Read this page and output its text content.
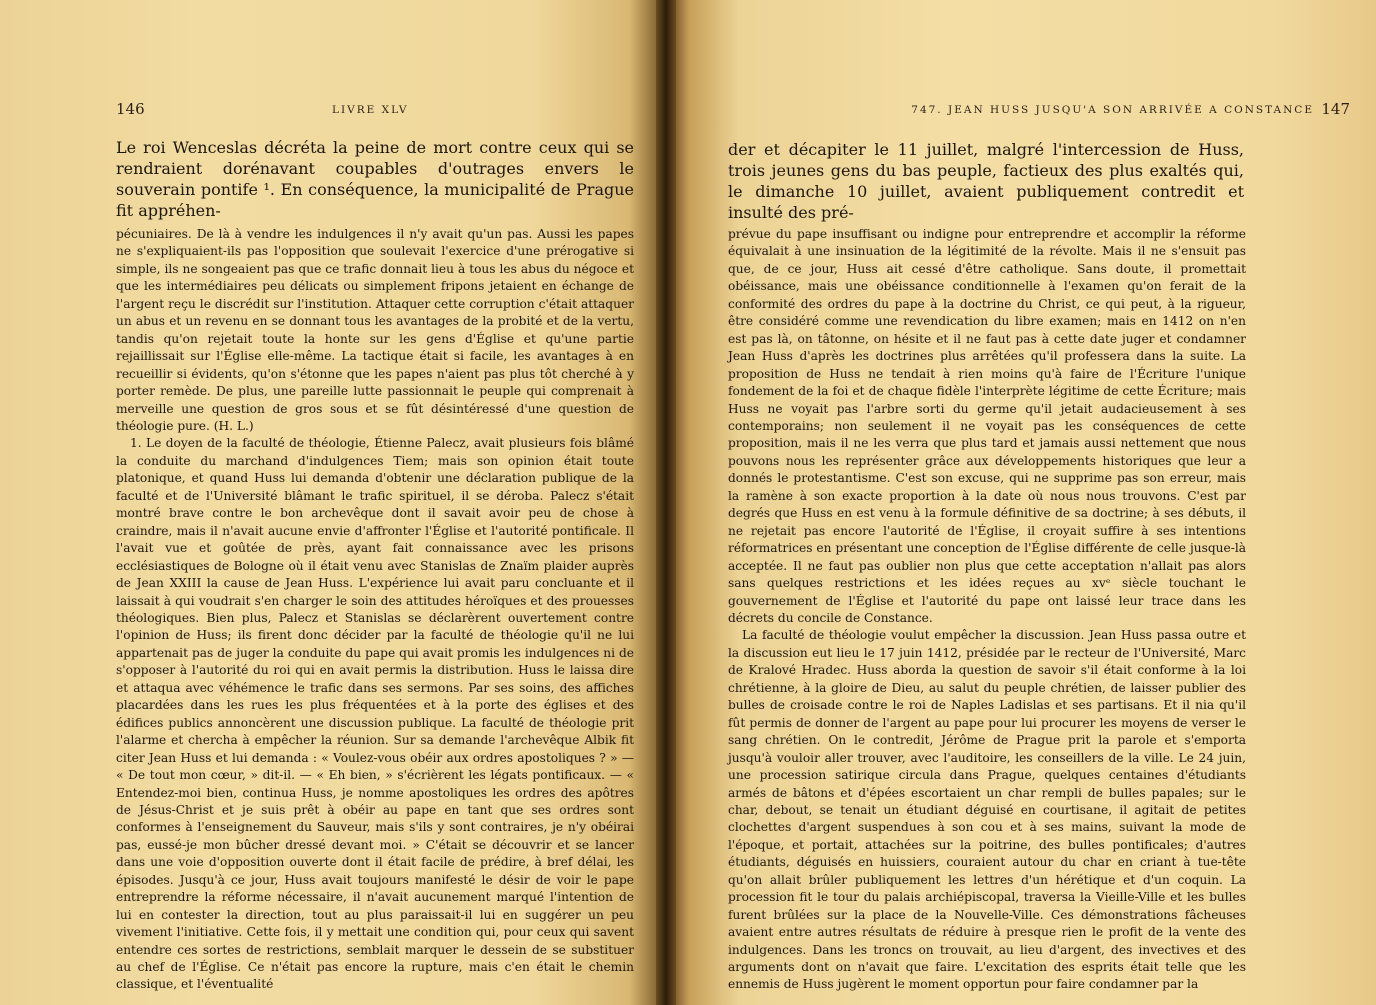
146	LIVRE XLV
Le roi Wenceslas décréta la peine de mort contre ceux qui se rendraient dorénavant coupables d'outrages envers le souverain pontife ¹. En conséquence, la municipalité de Prague fit appréhen-

pécuniaires. De là à vendre les indulgences il n'y avait qu'un pas. Aussi les papes ne s'expliquaient-ils pas l'opposition que soulevait l'exercice d'une prérogative si simple, ils ne songeaient pas que ce trafic donnait lieu à tous les abus du négoce et que les intermédiaires peu délicats ou simplement fripons jetaient en échange de l'argent reçu le discrédit sur l'institution. Attaquer cette corruption c'était attaquer un abus et un revenu en se donnant tous les avantages de la probité et de la vertu, tandis qu'on rejetait toute la honte sur les gens d'Église et qu'une partie rejaillissait sur l'Église elle-même. La tactique était si facile, les avantages à en recueillir si évidents, qu'on s'étonne que les papes n'aient pas plus tôt cherché à y porter remède. De plus, une pareille lutte passionnait le peuple qui comprenait à merveille une question de gros sous et se fût désintéressé d'une question de théologie pure. (H. L.)

1. Le doyen de la faculté de théologie, Étienne Palecz, avait plusieurs fois blâmé la conduite du marchand d'indulgences Tiem; mais son opinion était toute platonique, et quand Huss lui demanda d'obtenir une déclaration publique de la faculté et de l'Université blâmant le trafic spirituel, il se déroba. Palecz s'était montré brave contre le bon archevêque dont il savait avoir peu de chose à craindre, mais il n'avait aucune envie d'affronter l'Église et l'autorité pontificale. Il l'avait vue et goûtée de près, ayant fait connaissance avec les prisons ecclésiastiques de Bologne où il était venu avec Stanislas de Znaïm plaider auprès de Jean XXIII la cause de Jean Huss. L'expérience lui avait paru concluante et il laissait à qui voudrait s'en charger le soin des attitudes héroïques et des prouesses théologiques. Bien plus, Palecz et Stanislas se déclarèrent ouvertement contre l'opinion de Huss; ils firent donc décider par la faculté de théologie qu'il ne lui appartenait pas de juger la conduite du pape qui avait promis les indulgences ni de s'opposer à l'autorité du roi qui en avait permis la distribution. Huss le laissa dire et attaqua avec véhémence le trafic dans ses sermons. Par ses soins, des affiches placardées dans les rues les plus fréquentées et à la porte des églises et des édifices publics annoncèrent une discussion publique. La faculté de théologie prit l'alarme et chercha à empêcher la réunion. Sur sa demande l'archevêque Albik fit citer Jean Huss et lui demanda : « Voulez-vous obéir aux ordres apostoliques ? » — « De tout mon cœur, » dit-il. — « Eh bien, » s'écrièrent les légats pontificaux. — « Entendez-moi bien, continua Huss, je nomme apostoliques les ordres des apôtres de Jésus-Christ et je suis prêt à obéir au pape en tant que ses ordres sont conformes à l'enseignement du Sauveur, mais s'ils y sont contraires, je n'y obéirai pas, eussé-je mon bûcher dressé devant moi. » C'était se découvrir et se lancer dans une voie d'opposition ouverte dont il était facile de prédire, à bref délai, les épisodes. Jusqu'à ce jour, Huss avait toujours manifesté le désir de voir le pape entreprendre la réforme nécessaire, il n'avait aucunement marqué l'intention de lui en contester la direction, tout au plus paraissait-il lui en suggérer un peu vivement l'initiative. Cette fois, il y mettait une condition qui, pour ceux qui savent entendre ces sortes de restrictions, semblait marquer le dessein de se substituer au chef de l'Église. Ce n'était pas encore la rupture, mais c'en était le chemin classique, et l'éventualité

747. JEAN HUSS JUSQU'A SON ARRIVÉE A CONSTANCE 147
der et décapiter le 11 juillet, malgré l'intercession de Huss, trois jeunes gens du bas peuple, factieux des plus exaltés qui, le dimanche 10 juillet, avaient publiquement contredit et insulté des pré-

prévue du pape insuffisant ou indigne pour entreprendre et accomplir la réforme équivalait à une insinuation de la légitimité de la révolte. Mais il ne s'ensuit pas que, de ce jour, Huss ait cessé d'être catholique. Sans doute, il promettait obéissance, mais une obéissance conditionnelle à l'examen qu'on ferait de la conformité des ordres du pape à la doctrine du Christ, ce qui peut, à la rigueur, être considéré comme une revendication du libre examen; mais en 1412 on n'en est pas là, on tâtonne, on hésite et il ne faut pas à cette date juger et condamner Jean Huss d'après les doctrines plus arrêtées qu'il professera dans la suite. La proposition de Huss ne tendait à rien moins qu'à faire de l'Écriture l'unique fondement de la foi et de chaque fidèle l'interprète légitime de cette Écriture; mais Huss ne voyait pas l'arbre sorti du germe qu'il jetait audacieusement à ses contemporains; non seulement il ne voyait pas les conséquences de cette proposition, mais il ne les verra que plus tard et jamais aussi nettement que nous pouvons nous les représenter grâce aux développements historiques que leur a donnés le protestantisme. C'est son excuse, qui ne supprime pas son erreur, mais la ramène à son exacte proportion à la date où nous nous trouvons. C'est par degrés que Huss en est venu à la formule définitive de sa doctrine; à ses débuts, il ne rejetait pas encore l'autorité de l'Église, il croyait suffire à ses intentions réformatrices en présentant une conception de l'Église différente de celle jusque-là acceptée. Il ne faut pas oublier non plus que cette acceptation n'allait pas alors sans quelques restrictions et les idées reçues au xvᵉ siècle touchant le gouvernement de l'Église et l'autorité du pape ont laissé leur trace dans les décrets du concile de Constance.

La faculté de théologie voulut empêcher la discussion. Jean Huss passa outre et la discussion eut lieu le 17 juin 1412, présidée par le recteur de l'Université, Marc de Kralové Hradec. Huss aborda la question de savoir s'il était conforme à la loi chrétienne, à la gloire de Dieu, au salut du peuple chrétien, de laisser publier des bulles de croisade contre le roi de Naples Ladislas et ses partisans. Et il nia qu'il fût permis de donner de l'argent au pape pour lui procurer les moyens de verser le sang chrétien. On le contredit, Jérôme de Prague prit la parole et s'emporta jusqu'à vouloir aller trouver, avec l'auditoire, les conseillers de la ville. Le 24 juin, une procession satirique circula dans Prague, quelques centaines d'étudiants armés de bâtons et d'épées escortaient un char rempli de bulles papales; sur le char, debout, se tenait un étudiant déguisé en courtisane, il agitait de petites clochettes d'argent suspendues à son cou et à ses mains, suivant la mode de l'époque, et portait, attachées sur la poitrine, des bulles pontificales; d'autres étudiants, déguisés en huissiers, couraient autour du char en criant à tue-tête qu'on allait brûler publiquement les lettres d'un hérétique et d'un coquin. La procession fit le tour du palais archiépiscopal, traversa la Vieille-Ville et les bulles furent brûlées sur la place de la Nouvelle-Ville. Ces démonstrations fâcheuses avaient entre autres résultats de réduire à presque rien le profit de la vente des indulgences. Dans les troncs on trouvait, au lieu d'argent, des invectives et des arguments dont on n'avait que faire. L'excitation des esprits était telle que les ennemis de Huss jugèrent le moment opportun pour faire condamner par la
